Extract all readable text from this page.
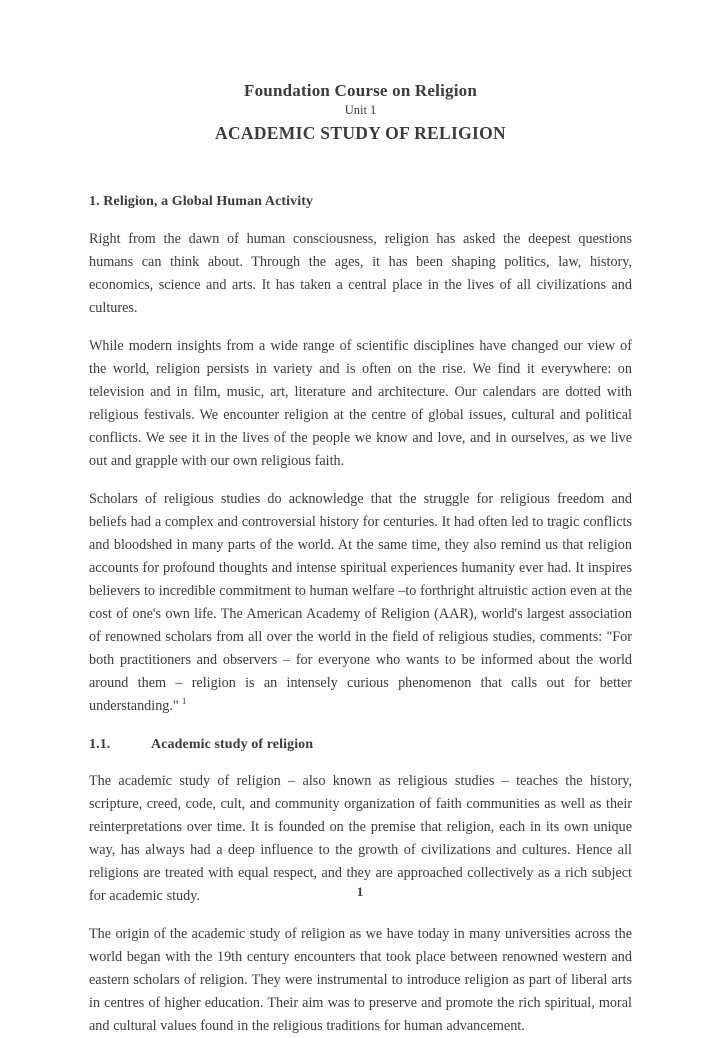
Foundation Course on Religion
Unit 1
ACADEMIC STUDY OF RELIGION
1. Religion, a Global Human Activity

Right from the dawn of human consciousness, religion has asked the deepest questions humans can think about. Through the ages, it has been shaping politics, law, history, economics, science and arts. It has taken a central place in the lives of all civilizations and cultures.

While modern insights from a wide range of scientific disciplines have changed our view of the world, religion persists in variety and is often on the rise. We find it everywhere: on television and in film, music, art, literature and architecture. Our calendars are dotted with religious festivals. We encounter religion at the centre of global issues, cultural and political conflicts. We see it in the lives of the people we know and love, and in ourselves, as we live out and grapple with our own religious faith.

Scholars of religious studies do acknowledge that the struggle for religious freedom and beliefs had a complex and controversial history for centuries. It had often led to tragic conflicts and bloodshed in many parts of the world. At the same time, they also remind us that religion accounts for profound thoughts and intense spiritual experiences humanity ever had. It inspires believers to incredible commitment to human welfare –to forthright altruistic action even at the cost of one's own life. The American Academy of Religion (AAR), world's largest association of renowned scholars from all over the world in the field of religious studies, comments: "For both practitioners and observers – for everyone who wants to be informed about the world around them – religion is an intensely curious phenomenon that calls out for better understanding." $^1$

1.1.	Academic study of religion

The academic study of religion – also known as religious studies – teaches the history, scripture, creed, code, cult, and community organization of faith communities as well as their reinterpretations over time. It is founded on the premise that religion, each in its own unique way, has always had a deep influence to the growth of civilizations and cultures. Hence all religions are treated with equal respect, and they are approached collectively as a rich subject for academic study.

The origin of the academic study of religion as we have today in many universities across the world began with the 19th century encounters that took place between renowned western and eastern scholars of religion. They were instrumental to introduce religion as part of liberal arts in centres of higher education. Their aim was to preserve and promote the rich spiritual, moral and cultural values found in the religious traditions for human advancement.

1
